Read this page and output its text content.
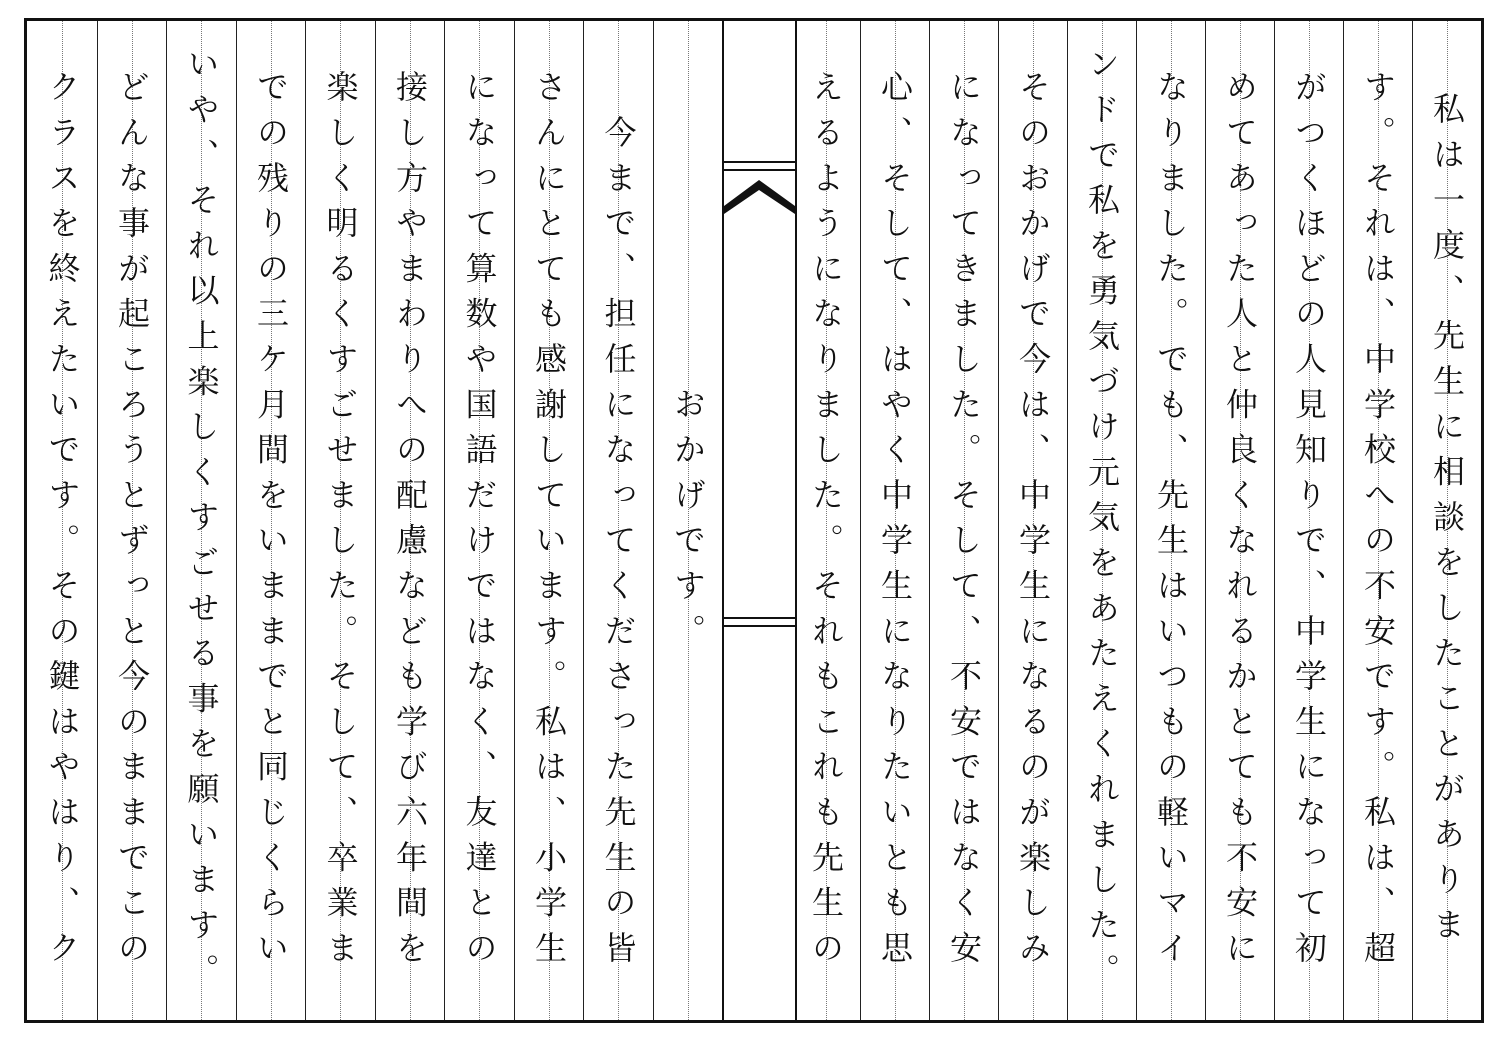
私は一度、先生に相談をしたことがありま
す。それは、中学校への不安です。私は、超
がつくほどの人見知りで、中学生になって初
めてあった人と仲良くなれるかとても不安に
なりました。でも、先生はいつもの軽いマイ
ンドで私を勇気づけ元気をあたえくれました。
そのおかげで今は、中学生になるのが楽しみ
になってきました。そして、不安ではなく安
心、そして、はやく中学生になりたいとも思
えるようになりました。それもこれも先生の
おかげです。
　今まで、担任になってくださった先生の皆
さんにとても感謝しています。私は、小学生
になって算数や国語だけではなく、友達との
接し方やまわりへの配慮なども学び六年間を
楽しく明るくすごせました。そして、卒業ま
での残りの三ケ月間をいままでと同じくらい
いや、それ以上楽しくすごせる事を願います。
どんな事が起ころうとずっと今のままでこの
クラスを終えたいです。その鍵はやはり、ク
